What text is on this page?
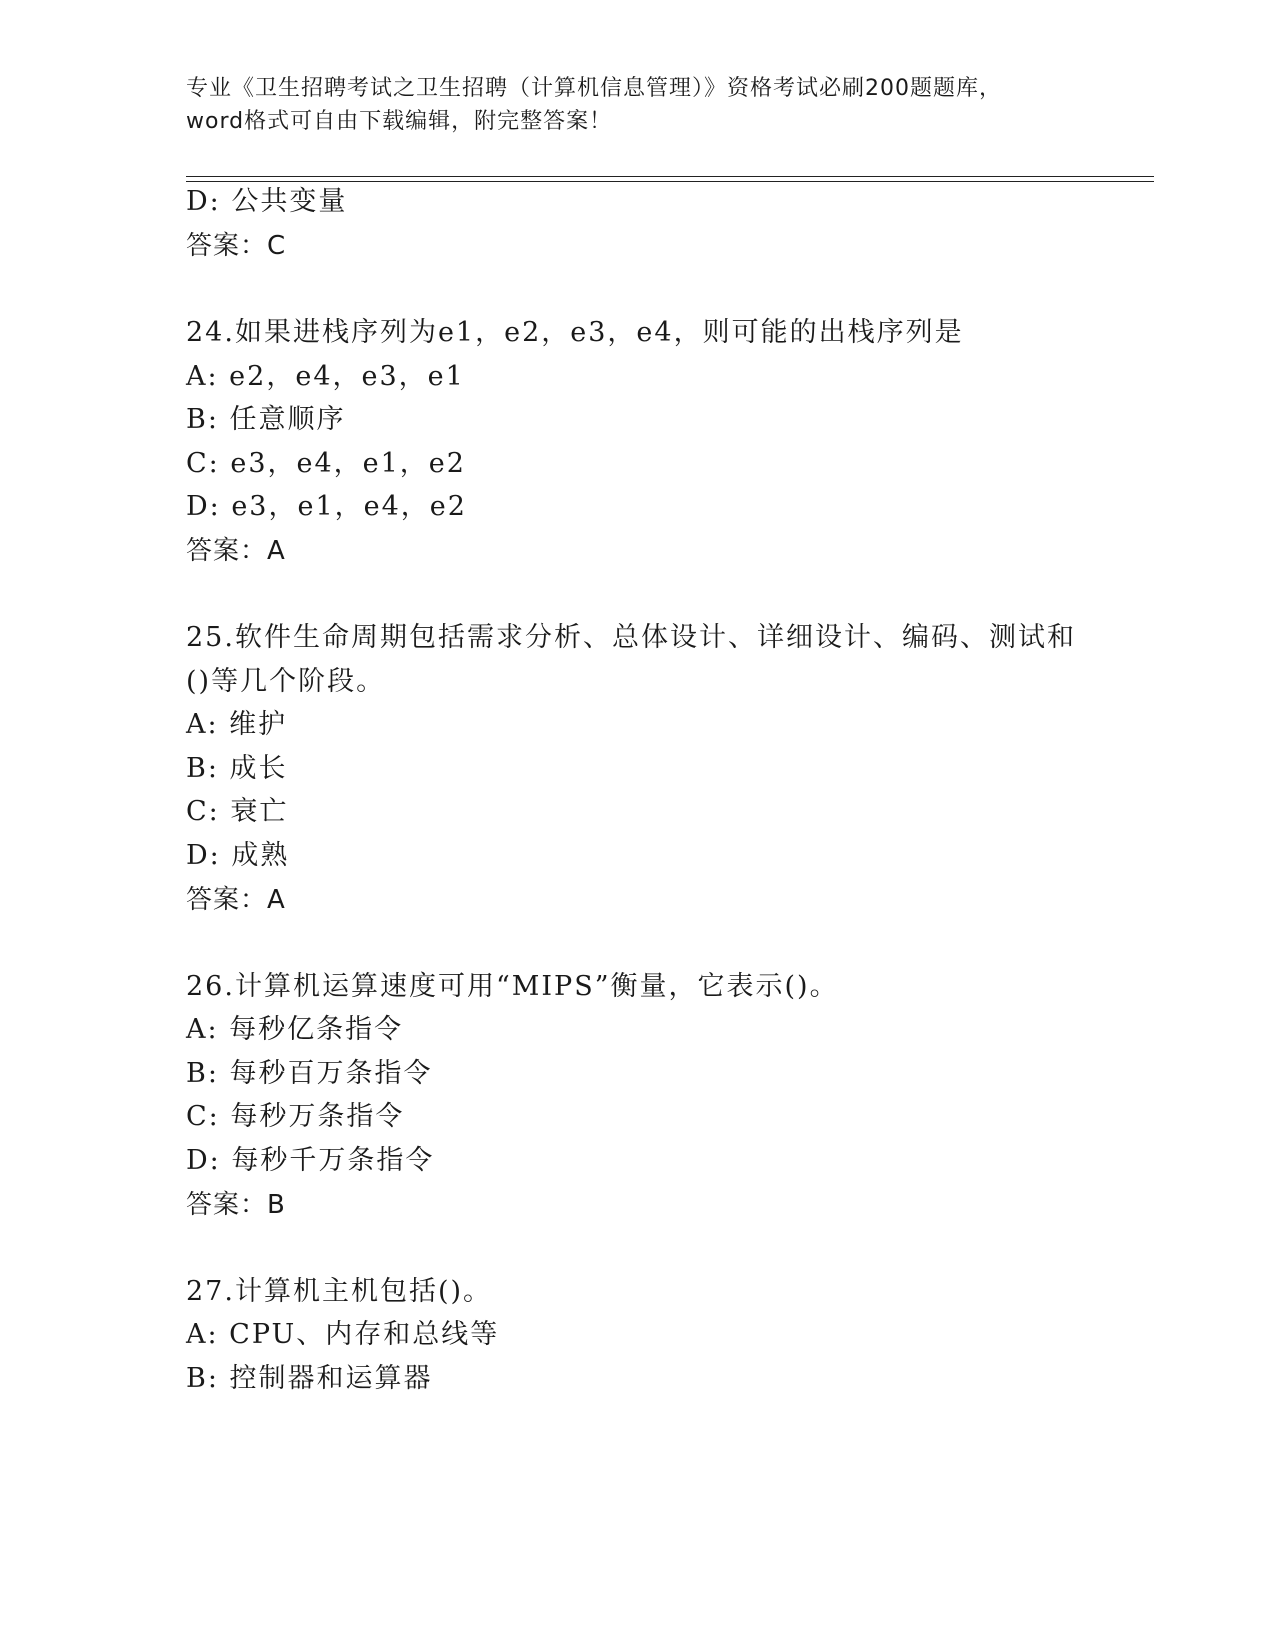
专业《卫生招聘考试之卫生招聘（计算机信息管理）》资格考试必刷200题题库，
word格式可自由下载编辑，附完整答案！
D: 公共变量
答案：C
24.如果进栈序列为e1，e2，e3，e4，则可能的出栈序列是
A: e2，e4，e3，e1
B: 任意顺序
C: e3，e4，e1，e2
D: e3，e1，e4，e2
答案：A
25.软件生命周期包括需求分析、总体设计、详细设计、编码、测试和
()等几个阶段。
A: 维护
B: 成长
C: 衰亡
D: 成熟
答案：A
26.计算机运算速度可用“MIPS”衡量，它表示()。
A: 每秒亿条指令
B: 每秒百万条指令
C: 每秒万条指令
D: 每秒千万条指令
答案：B
27.计算机主机包括()。
A: CPU、内存和总线等
B: 控制器和运算器
